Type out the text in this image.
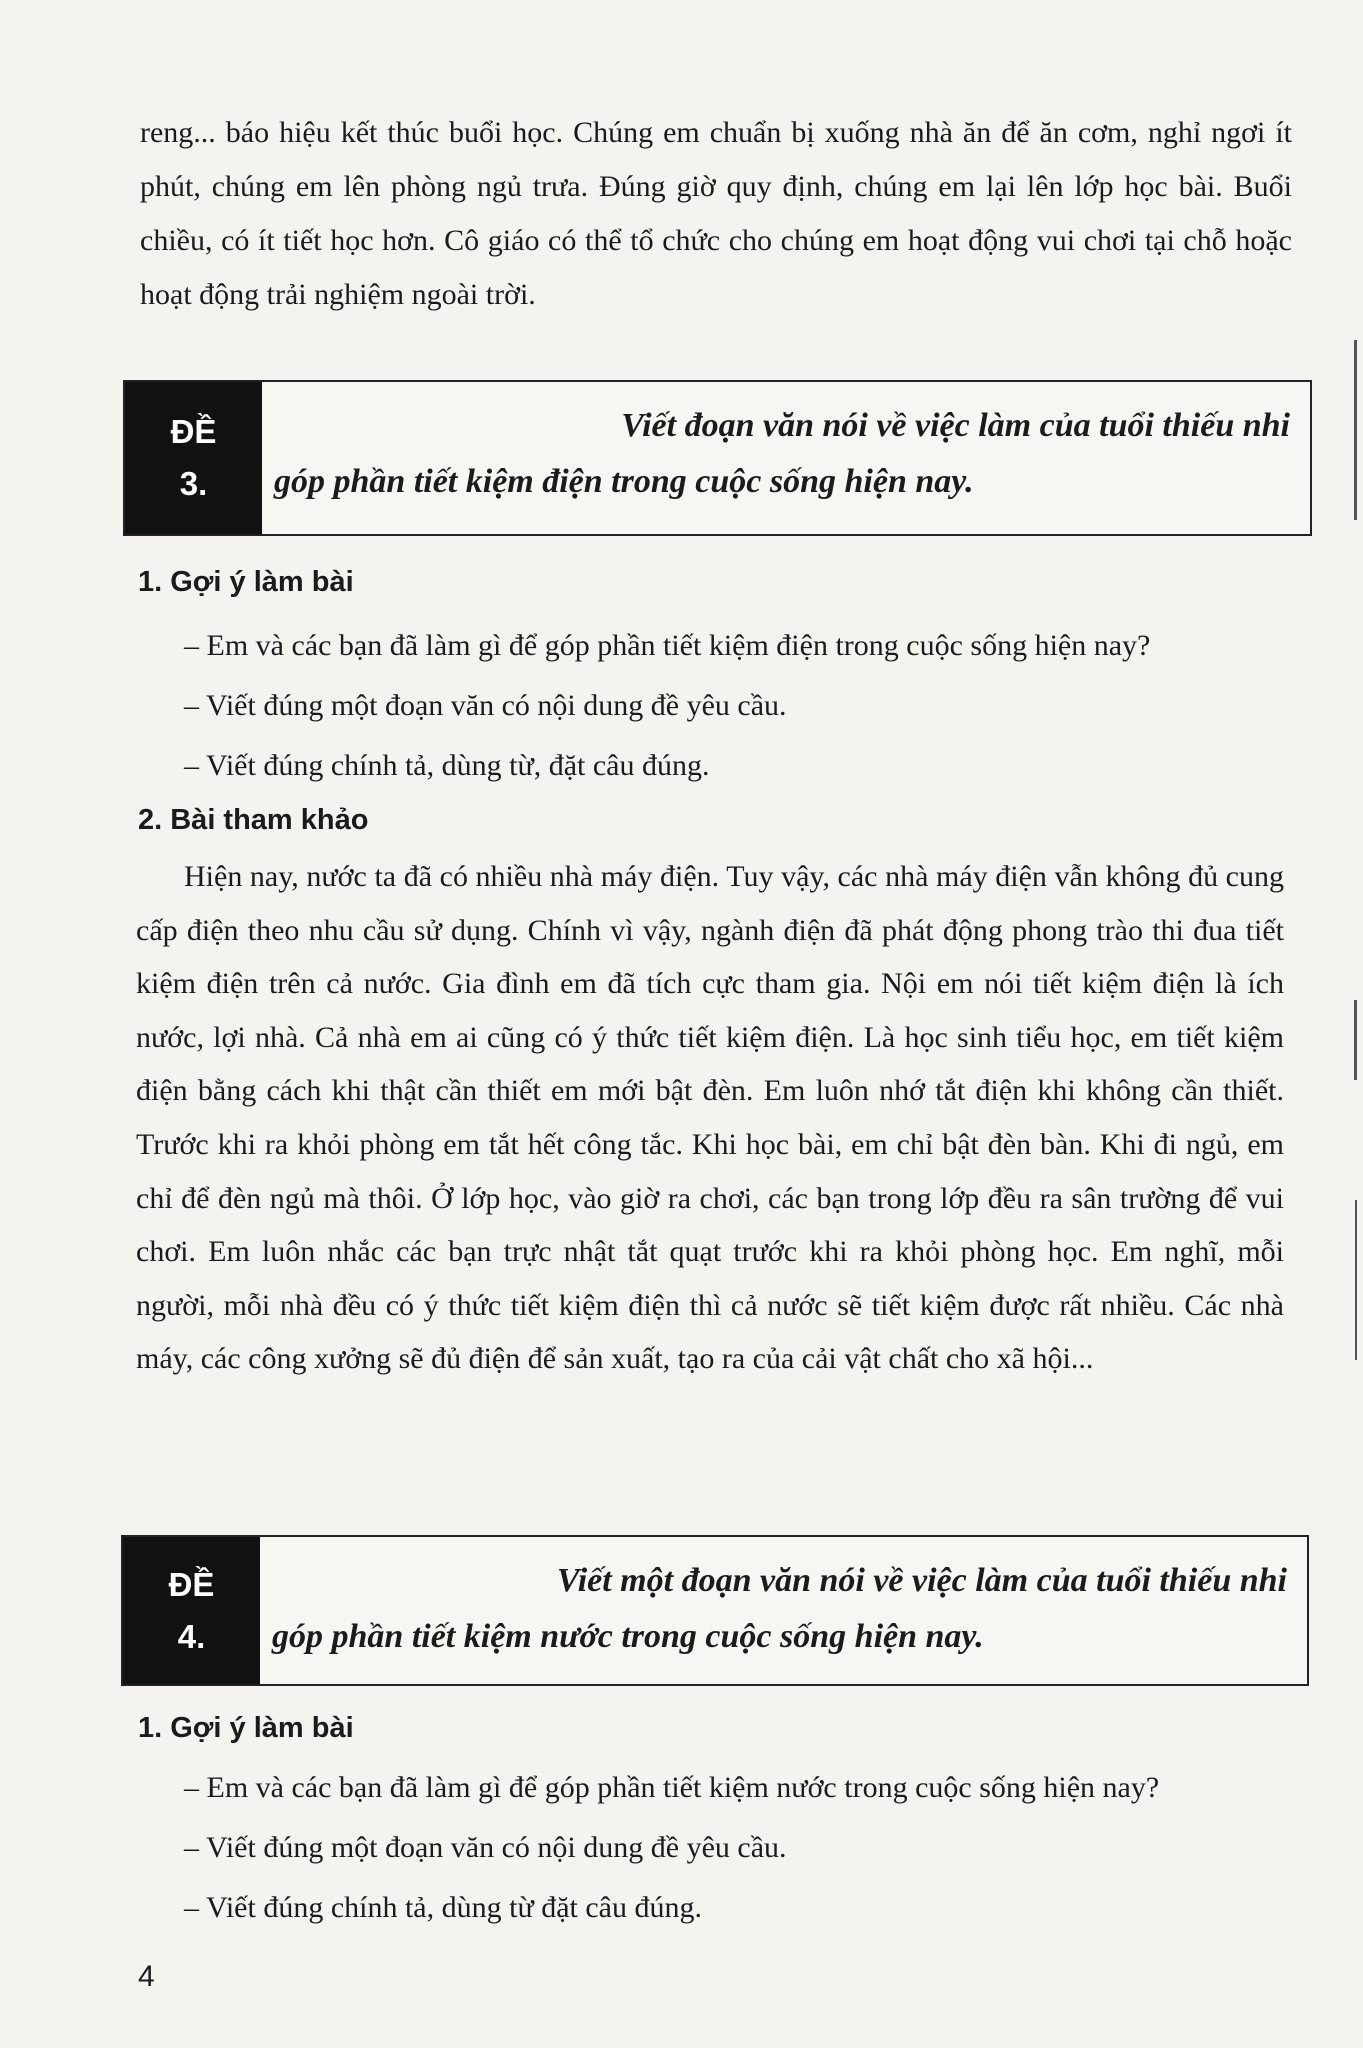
reng... báo hiệu kết thúc buổi học. Chúng em chuẩn bị xuống nhà ăn để ăn cơm, nghỉ ngơi ít phút, chúng em lên phòng ngủ trưa. Đúng giờ quy định, chúng em lại lên lớp học bài. Buổi chiều, có ít tiết học hơn. Cô giáo có thể tổ chức cho chúng em hoạt động vui chơi tại chỗ hoặc hoạt động trải nghiệm ngoài trời.

ĐỀ
3.
Viết đoạn văn nói về việc làm của tuổi thiếu nhi
góp phần tiết kiệm điện trong cuộc sống hiện nay.
1. Gợi ý làm bài
– Em và các bạn đã làm gì để góp phần tiết kiệm điện trong cuộc sống hiện nay?
– Viết đúng một đoạn văn có nội dung đề yêu cầu.
– Viết đúng chính tả, dùng từ, đặt câu đúng.
2. Bài tham khảo

Hiện nay, nước ta đã có nhiều nhà máy điện. Tuy vậy, các nhà máy điện vẫn không đủ cung cấp điện theo nhu cầu sử dụng. Chính vì vậy, ngành điện đã phát động phong trào thi đua tiết kiệm điện trên cả nước. Gia đình em đã tích cực tham gia. Nội em nói tiết kiệm điện là ích nước, lợi nhà. Cả nhà em ai cũng có ý thức tiết kiệm điện. Là học sinh tiểu học, em tiết kiệm điện bằng cách khi thật cần thiết em mới bật đèn. Em luôn nhớ tắt điện khi không cần thiết. Trước khi ra khỏi phòng em tắt hết công tắc. Khi học bài, em chỉ bật đèn bàn. Khi đi ngủ, em chỉ để đèn ngủ mà thôi. Ở lớp học, vào giờ ra chơi, các bạn trong lớp đều ra sân trường để vui chơi. Em luôn nhắc các bạn trực nhật tắt quạt trước khi ra khỏi phòng học. Em nghĩ, mỗi người, mỗi nhà đều có ý thức tiết kiệm điện thì cả nước sẽ tiết kiệm được rất nhiều. Các nhà máy, các công xưởng sẽ đủ điện để sản xuất, tạo ra của cải vật chất cho xã hội...

ĐỀ
4.
Viết một đoạn văn nói về việc làm của tuổi thiếu nhi
góp phần tiết kiệm nước trong cuộc sống hiện nay.
1. Gợi ý làm bài
– Em và các bạn đã làm gì để góp phần tiết kiệm nước trong cuộc sống hiện nay?
– Viết đúng một đoạn văn có nội dung đề yêu cầu.
– Viết đúng chính tả, dùng từ đặt câu đúng.
4
